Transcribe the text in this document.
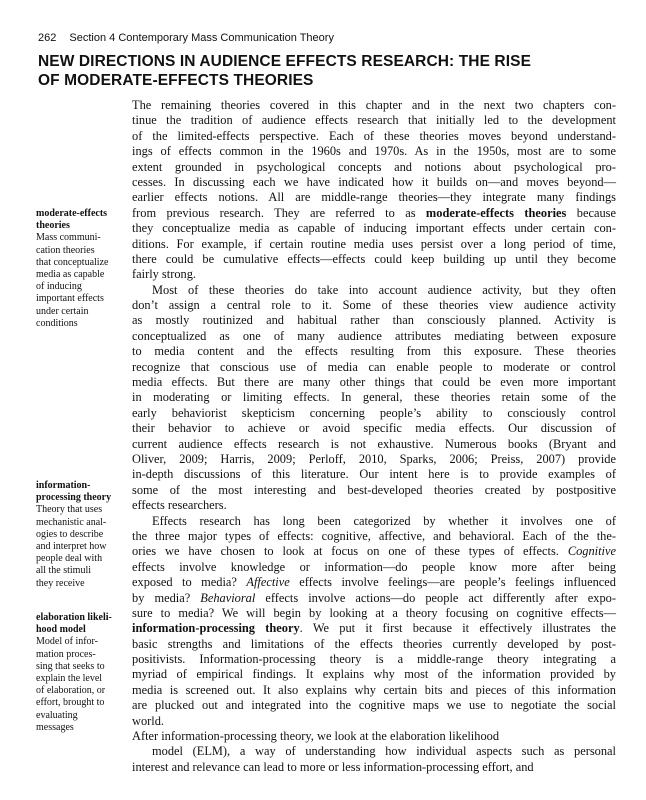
262 Section 4 Contemporary Mass Communication Theory
NEW DIRECTIONS IN AUDIENCE EFFECTS RESEARCH: THE RISE
OF MODERATE-EFFECTS THEORIES
moderate-effects
theories
Mass communi-
cation theories
that conceptualize
media as capable
of inducing
important effects
under certain
conditions
information-
processing theory
Theory that uses
mechanistic anal-
ogies to describe
and interpret how
people deal with
all the stimuli
they receive
elaboration likeli-
hood model
Model of infor-
mation proces-
sing that seeks to
explain the level
of elaboration, or
effort, brought to
evaluating
messages
The remaining theories covered in this chapter and in the next two chapters con-
tinue the tradition of audience effects research that initially led to the development
of the limited-effects perspective. Each of these theories moves beyond understand-
ings of effects common in the 1960s and 1970s. As in the 1950s, most are to some
extent grounded in psychological concepts and notions about psychological pro-
cesses. In discussing each we have indicated how it builds on—and moves beyond—
earlier effects notions. All are middle-range theories—they integrate many findings
from previous research. They are referred to as moderate-effects theories because
they conceptualize media as capable of inducing important effects under certain con-
ditions. For example, if certain routine media uses persist over a long period of time,
there could be cumulative effects—effects could keep building up until they become
fairly strong.
Most of these theories do take into account audience activity, but they often
don’t assign a central role to it. Some of these theories view audience activity
as mostly routinized and habitual rather than consciously planned. Activity is
conceptualized as one of many audience attributes mediating between exposure
to media content and the effects resulting from this exposure. These theories
recognize that conscious use of media can enable people to moderate or control
media effects. But there are many other things that could be even more important
in moderating or limiting effects. In general, these theories retain some of the
early behaviorist skepticism concerning people’s ability to consciously control
their behavior to achieve or avoid specific media effects. Our discussion of
current audience effects research is not exhaustive. Numerous books (Bryant and
Oliver, 2009; Harris, 2009; Perloff, 2010, Sparks, 2006; Preiss, 2007) provide
in-depth discussions of this literature. Our intent here is to provide examples of
some of the most interesting and best-developed theories created by postpositive
effects researchers.
Effects research has long been categorized by whether it involves one of
the three major types of effects: cognitive, affective, and behavioral. Each of the the-
ories we have chosen to look at focus on one of these types of effects. Cognitive
effects involve knowledge or information—do people know more after being
exposed to media? Affective effects involve feelings—are people’s feelings influenced
by media? Behavioral effects involve actions—do people act differently after expo-
sure to media? We will begin by looking at a theory focusing on cognitive effects—
information-processing theory. We put it first because it effectively illustrates the
basic strengths and limitations of the effects theories currently developed by post-
positivists. Information-processing theory is a middle-range theory integrating a
myriad of empirical findings. It explains why most of the information provided by
media is screened out. It also explains why certain bits and pieces of this information
are plucked out and integrated into the cognitive maps we use to negotiate the social
world.
After information-processing theory, we look at the elaboration likelihood
model (ELM), a way of understanding how individual aspects such as personal
interest and relevance can lead to more or less information-processing effort, and
